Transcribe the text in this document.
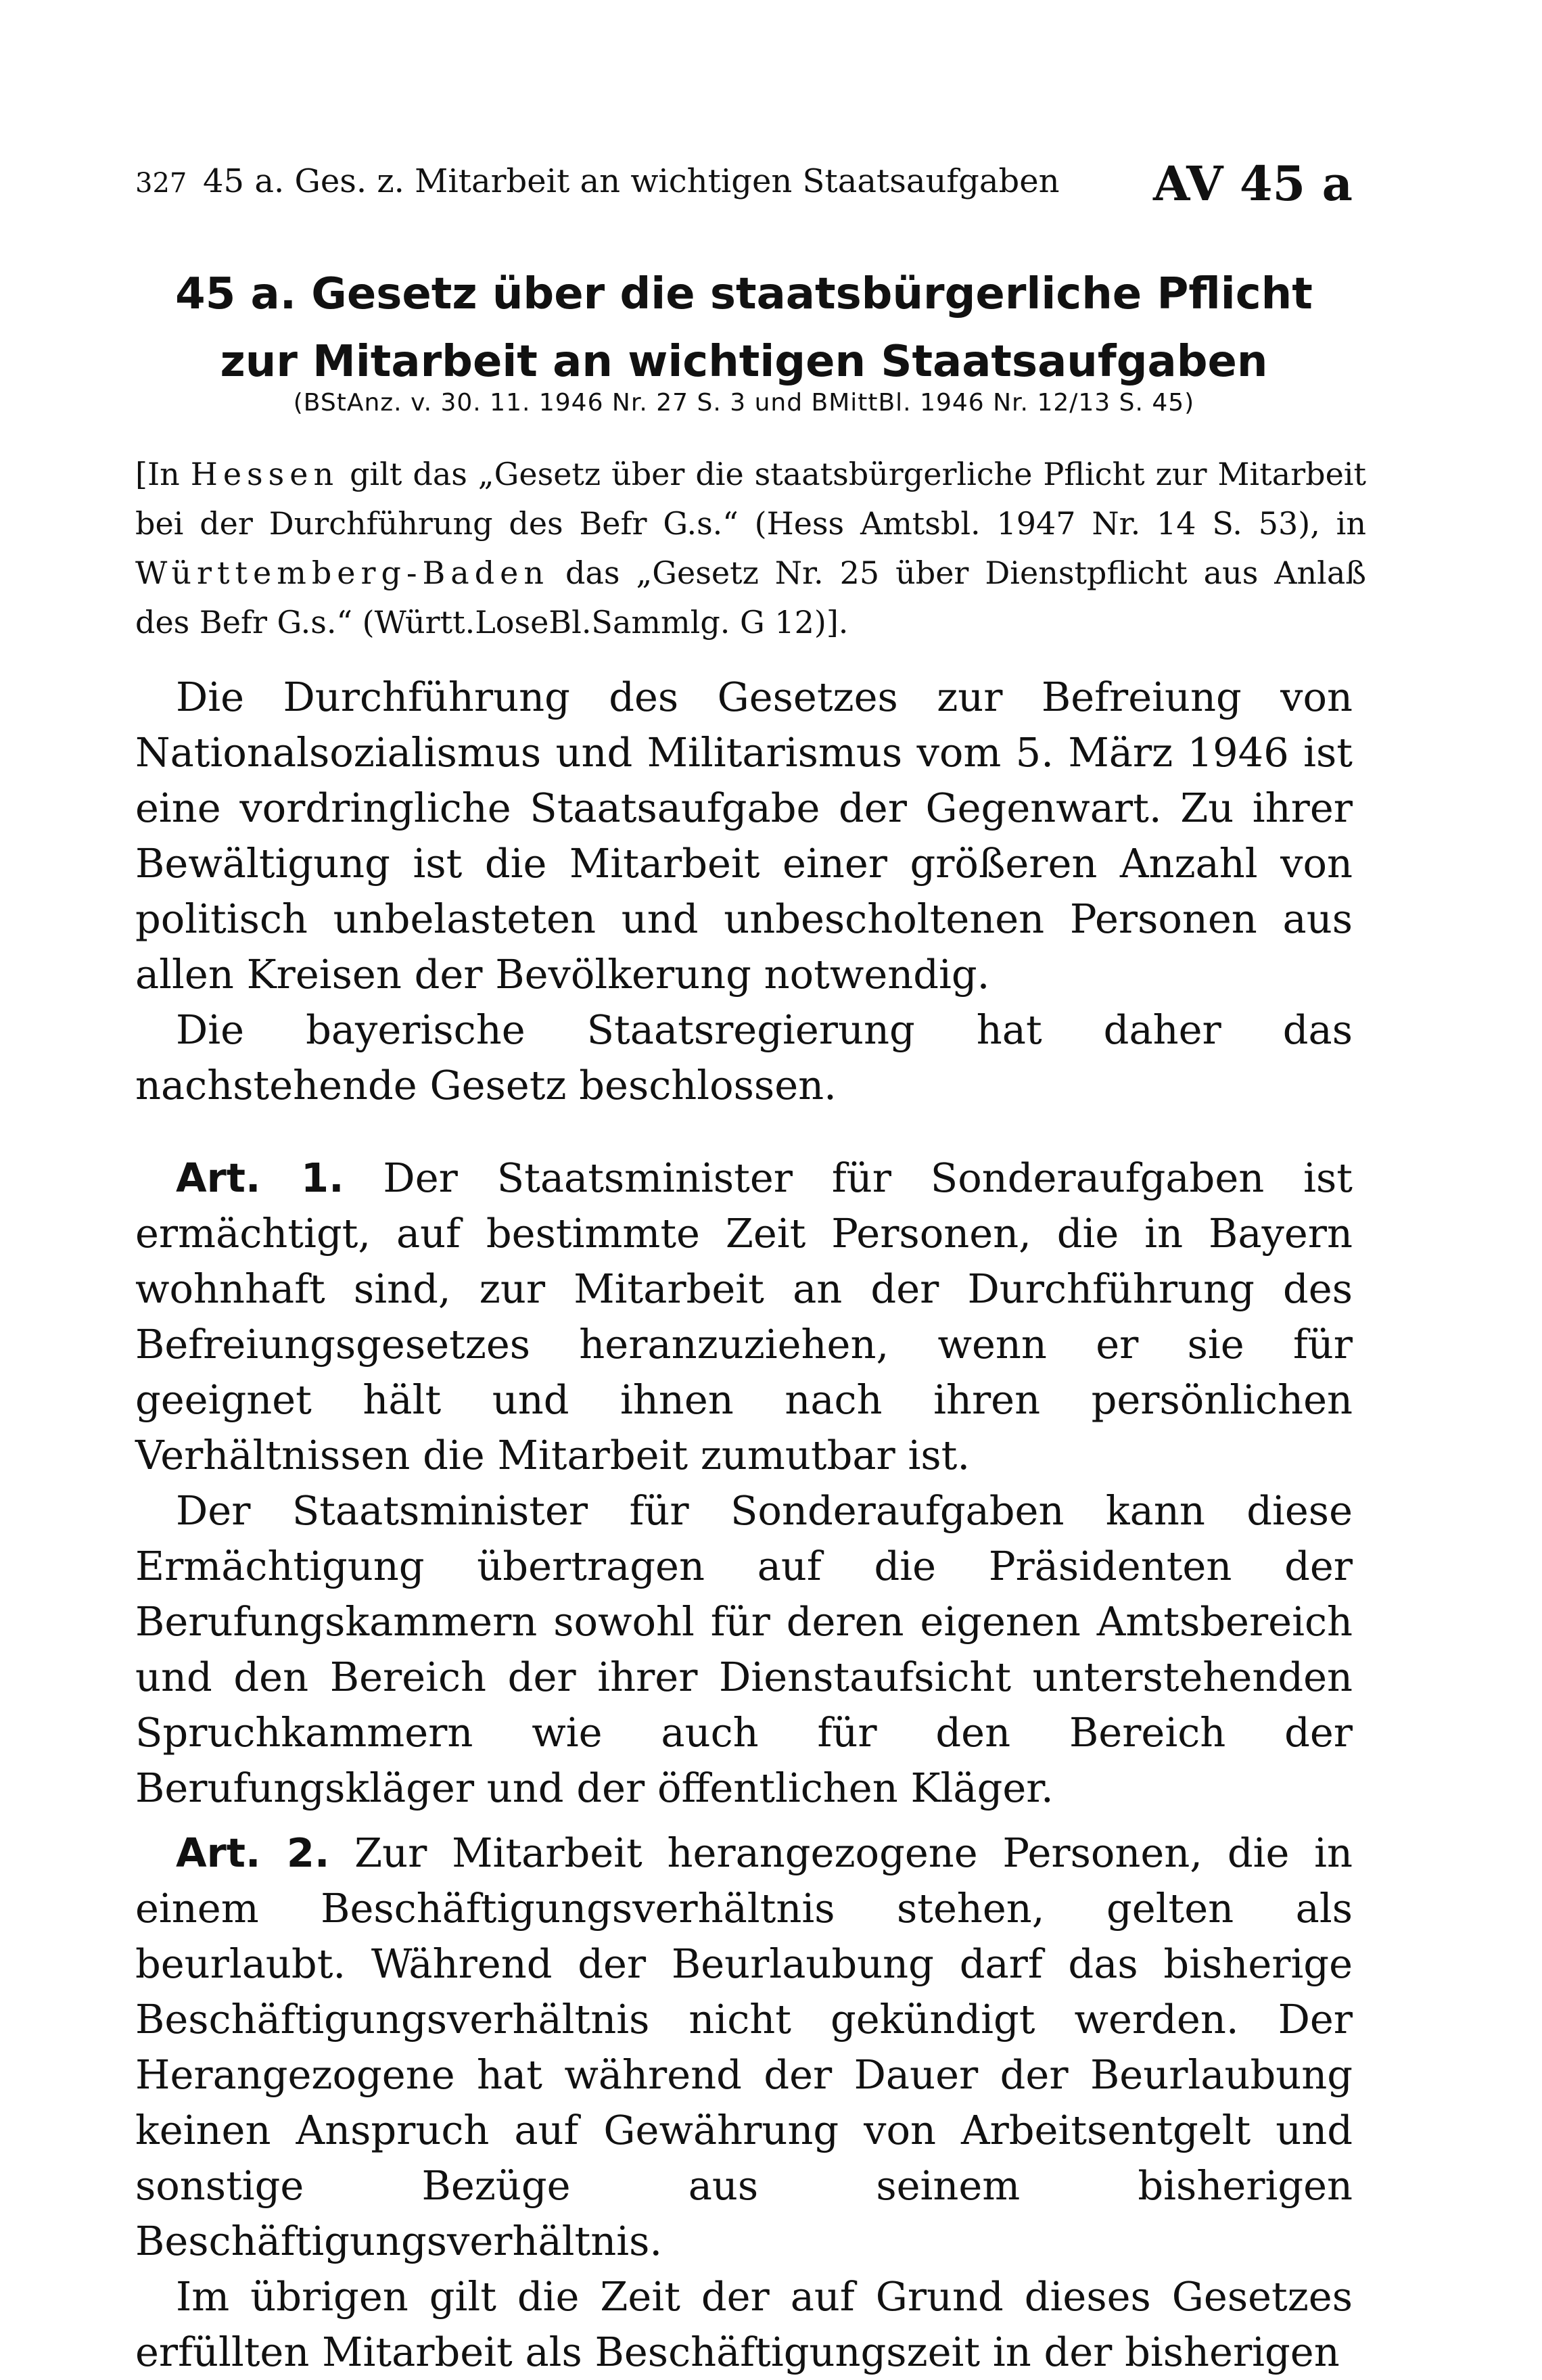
327 45 a. Ges. z. Mitarbeit an wichtigen Staatsaufgaben AV 45 a
45 a. Gesetz über die staatsbürgerliche Pflicht
zur Mitarbeit an wichtigen Staatsaufgaben
(BStAnz. v. 30. 11. 1946 Nr. 27 S. 3 und BMittBl. 1946 Nr. 12/13 S. 45)
[In Hessen gilt das „Gesetz über die staatsbürgerliche Pflicht zur Mitarbeit bei der Durchführung des Befr G.s.“ (Hess Amtsbl. 1947 Nr. 14 S. 53), in Württemberg-Baden das „Gesetz Nr. 25 über Dienstpflicht aus Anlaß des Befr G.s.“ (Württ.LoseBl.Sammlg. G 12)].

Die Durchführung des Gesetzes zur Befreiung von Nationalsozialismus und Militarismus vom 5. März 1946 ist eine vordringliche Staatsaufgabe der Gegenwart. Zu ihrer Bewältigung ist die Mitarbeit einer größeren Anzahl von politisch unbelasteten und unbescholtenen Personen aus allen Kreisen der Bevölkerung notwendig.

Die bayerische Staatsregierung hat daher das nachstehende Gesetz beschlossen.

Art. 1. Der Staatsminister für Sonderaufgaben ist ermächtigt, auf bestimmte Zeit Personen, die in Bayern wohnhaft sind, zur Mitarbeit an der Durchführung des Befreiungsgesetzes heranzuziehen, wenn er sie für geeignet hält und ihnen nach ihren persönlichen Verhältnissen die Mitarbeit zumutbar ist.

Der Staatsminister für Sonderaufgaben kann diese Ermächtigung übertragen auf die Präsidenten der Berufungskammern sowohl für deren eigenen Amtsbereich und den Bereich der ihrer Dienstaufsicht unterstehenden Spruchkammern wie auch für den Bereich der Berufungskläger und der öffentlichen Kläger.

Art. 2. Zur Mitarbeit herangezogene Personen, die in einem Beschäftigungsverhältnis stehen, gelten als beurlaubt. Während der Beurlaubung darf das bisherige Beschäftigungsverhältnis nicht gekündigt werden. Der Herangezogene hat während der Dauer der Beurlaubung keinen Anspruch auf Gewährung von Arbeitsentgelt und sonstige Bezüge aus seinem bisherigen Beschäftigungsverhältnis.

Im übrigen gilt die Zeit der auf Grund dieses Gesetzes erfüllten Mitarbeit als Beschäftigungszeit in der bisherigen
